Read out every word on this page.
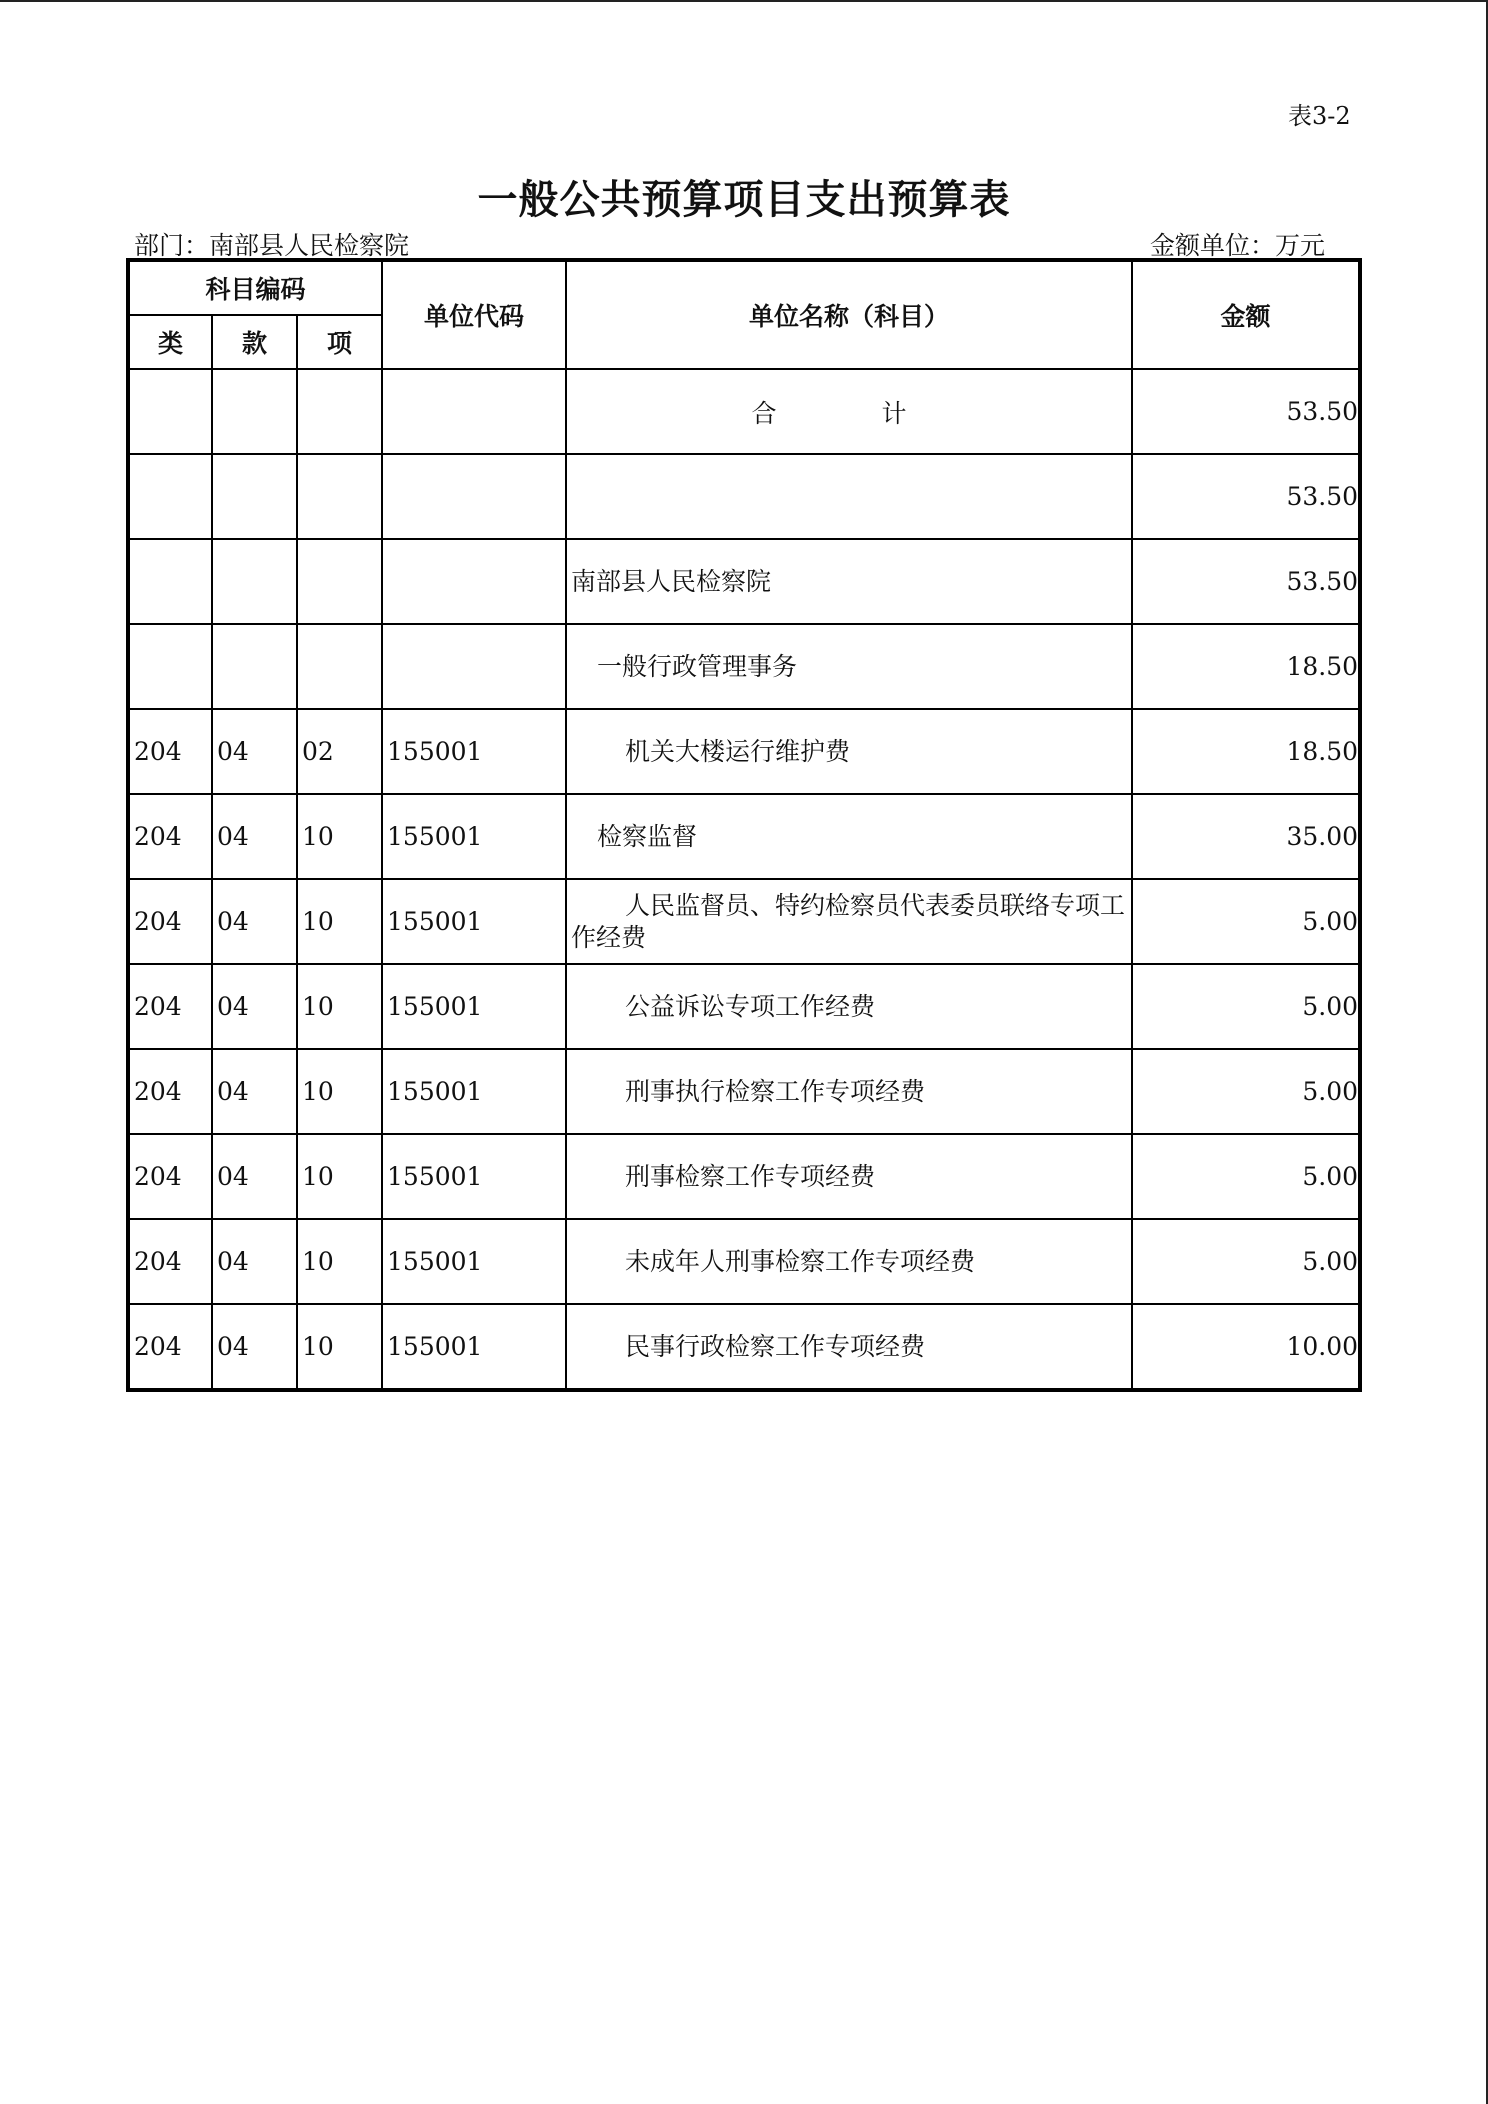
表3-2
一般公共预算项目支出预算表
部门：南部县人民检察院	金额单位：万元
科目编码			单位代码	单位名称（科目）	金额
类	款	项			
				合　计	53.50
					53.50
				南部县人民检察院	53.50
				一般行政管理事务	18.50
204	04	02	155001	机关大楼运行维护费	18.50
204	04	10	155001	检察监督	35.00
204	04	10	155001	人民监督员、特约检察员代表委员联络专项工作经费	5.00
204	04	10	155001	公益诉讼专项工作经费	5.00
204	04	10	155001	刑事执行检察工作专项经费	5.00
204	04	10	155001	刑事检察工作专项经费	5.00
204	04	10	155001	未成年人刑事检察工作专项经费	5.00
204	04	10	155001	民事行政检察工作专项经费	10.00
